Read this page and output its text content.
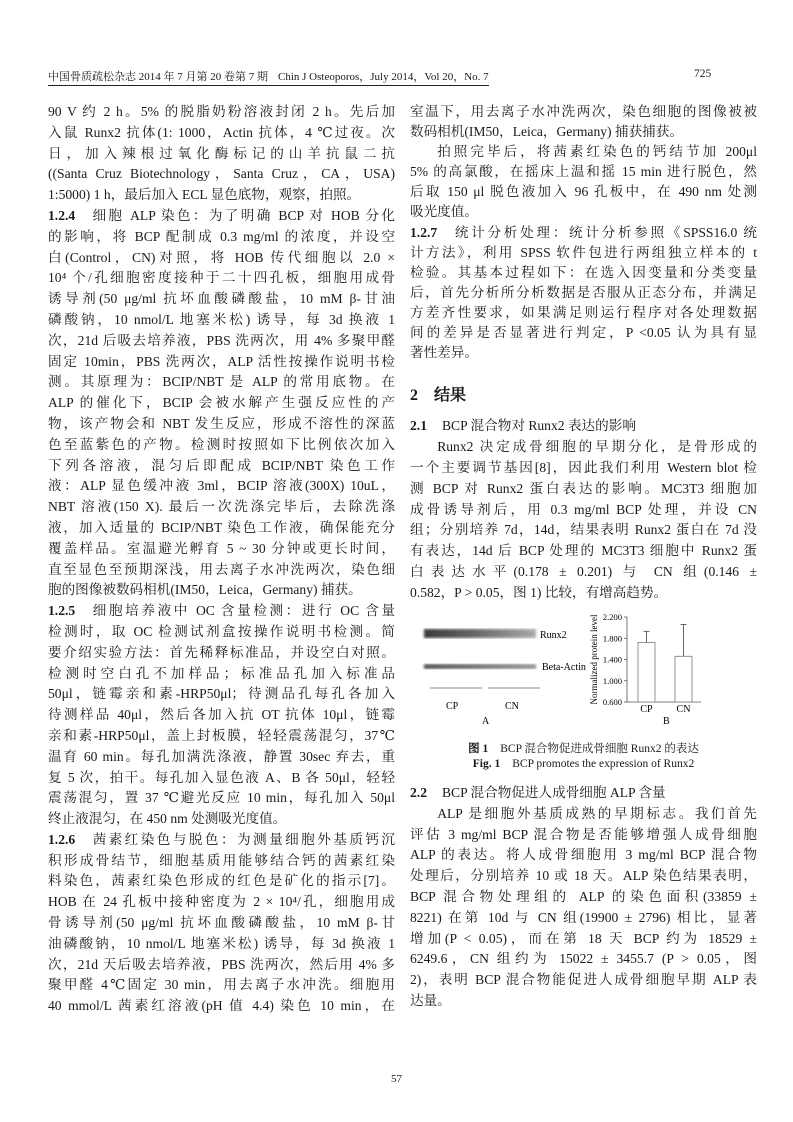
中国骨质疏松杂志 2014 年 7 月第 20 卷第 7 期 Chin J Osteoporos，July 2014，Vol 20，No. 7	725
90 V 约 2 h。5% 的脱脂奶粉溶液封闭 2 h。先后加
入鼠 Runx2 抗体(1: 1000，Actin 抗体，4 ℃过夜。次
日，加入辣根过氧化酶标记的山羊抗鼠二抗
((Santa Cruz Biotechnology，Santa Cruz，CA，USA)
1:5000) 1 h，最后加入 ECL 显色底物，观察，拍照。
1.2.4 细胞 ALP 染色：为了明确 BCP 对 HOB 分化
的影响，将 BCP 配制成 0.3 mg/ml 的浓度，并设空
白(Control，CN)对照，将 HOB 传代细胞以 2.0 ×
10⁴ 个/孔细胞密度接种于二十四孔板，细胞用成骨
诱导剂(50 μg/ml 抗坏血酸磷酸盐，10 mM β-甘油
磷酸钠，10 nmol/L 地塞米松) 诱导，每 3d 换液 1
次，21d 后吸去培养液，PBS 洗两次，用 4% 多聚甲醛
固定 10min，PBS 洗两次，ALP 活性按操作说明书检
测。其原理为：BCIP/NBT 是 ALP 的常用底物。在
ALP 的催化下，BCIP 会被水解产生强反应性的产
物，该产物会和 NBT 发生反应，形成不溶性的深蓝
色至蓝紫色的产物。检测时按照如下比例依次加入
下列各溶液，混匀后即配成 BCIP/NBT 染色工作
液：ALP 显色缓冲液 3ml，BCIP 溶液(300X) 10uL，
NBT 溶液(150 X). 最后一次洗涤完毕后，去除洗涤
液，加入适量的 BCIP/NBT 染色工作液，确保能充分
覆盖样品。室温避光孵育 5 ~ 30 分钟或更长时间，
直至显色至预期深浅，用去离子水冲洗两次，染色细
胞的图像被数码相机(IM50，Leica，Germany) 捕获。
1.2.5 细胞培养液中 OC 含量检测：进行 OC 含量
检测时，取 OC 检测试剂盒按操作说明书检测。简
要介绍实验方法：首先稀释标准品，并设空白对照。
检测时空白孔不加样品；标准品孔加入标准品
50μl，链霉亲和素-HRP50μl；待测品孔每孔各加入
待测样品 40μl，然后各加入抗 OT 抗体 10μl，链霉
亲和素-HRP50μl，盖上封板膜，轻轻震荡混匀，37℃
温育 60 min。每孔加满洗涤液，静置 30sec 弃去，重
复 5 次，拍干。每孔加入显色液 A、B 各 50μl，轻轻
震荡混匀，置 37 ℃避光反应 10 min，每孔加入 50μl
终止液混匀，在 450 nm 处测吸光度值。
1.2.6 茜素红染色与脱色：为测量细胞外基质钙沉
积形成骨结节，细胞基质用能够结合钙的茜素红染
料染色，茜素红染色形成的红色是矿化的指示[7]。
HOB 在 24 孔板中接种密度为 2 × 10⁴/孔，细胞用成
骨诱导剂(50 μg/ml 抗坏血酸磷酸盐，10 mM β-甘
油磷酸钠，10 nmol/L 地塞米松) 诱导，每 3d 换液 1
次，21d 天后吸去培养液，PBS 洗两次，然后用 4% 多
聚甲醛 4℃固定 30 min，用去离子水冲洗。细胞用
40 mmol/L 茜素红溶液(pH 值 4.4) 染色 10 min，在
室温下，用去离子水冲洗两次，染色细胞的图像被被
数码相机(IM50，Leica，Germany) 捕获捕获。
拍照完毕后，将茜素红染色的钙结节加 200μl
5% 的高氯酸，在摇床上温和摇 15 min 进行脱色，然
后取 150 μl 脱色液加入 96 孔板中，在 490 nm 处测
吸光度值。
1.2.7 统计分析处理：统计分析参照《SPSS16.0 统
计方法》，利用 SPSS 软件包进行两组独立样本的 t
检验。其基本过程如下：在选入因变量和分类变量
后，首先分析所分析数据是否服从正态分布，并满足
方差齐性要求，如果满足则运行程序对各处理数据
间的差异是否显著进行判定，P <0.05 认为具有显
著性差异。
2 结果
2.1 BCP 混合物对 Runx2 表达的影响
Runx2 决定成骨细胞的早期分化，是骨形成的
一个主要调节基因[8]，因此我们利用 Western blot 检
测 BCP 对 Runx2 蛋白表达的影响。MC3T3 细胞加
成骨诱导剂后，用 0.3 mg/ml BCP 处理，并设 CN
组；分别培养 7d，14d，结果表明 Runx2 蛋白在 7d 没
有表达，14d 后 BCP 处理的 MC3T3 细胞中 Runx2 蛋
白表达水平(0.178 ± 0.201) 与 CN 组(0.146 ±
0.582，P > 0.05，图 1) 比较，有增高趋势。
Runx2
Beta-Actin
CP	CN
A
0.600
1.000
1.400
1.800
2.200
Normalized protein level
CP CN
B
图 1 BCP 混合物促进成骨细胞 Runx2 的表达
Fig. 1 BCP promotes the expression of Runx2
2.2 BCP 混合物促进人成骨细胞 ALP 含量
ALP 是细胞外基质成熟的早期标志。我们首先
评估 3 mg/ml BCP 混合物是否能够增强人成骨细胞
ALP 的表达。将人成骨细胞用 3 mg/ml BCP 混合物
处理后，分别培养 10 或 18 天。ALP 染色结果表明，
BCP 混合物处理组的 ALP 的染色面积(33859 ±
8221) 在第 10d 与 CN 组(19900 ± 2796) 相比，显著
增加(P < 0.05)，而在第 18 天 BCP 约为 18529 ±
6249.6，CN 组约为 15022 ± 3455.7 (P > 0.05，图
2)，表明 BCP 混合物能促进人成骨细胞早期 ALP 表
达量。
57
